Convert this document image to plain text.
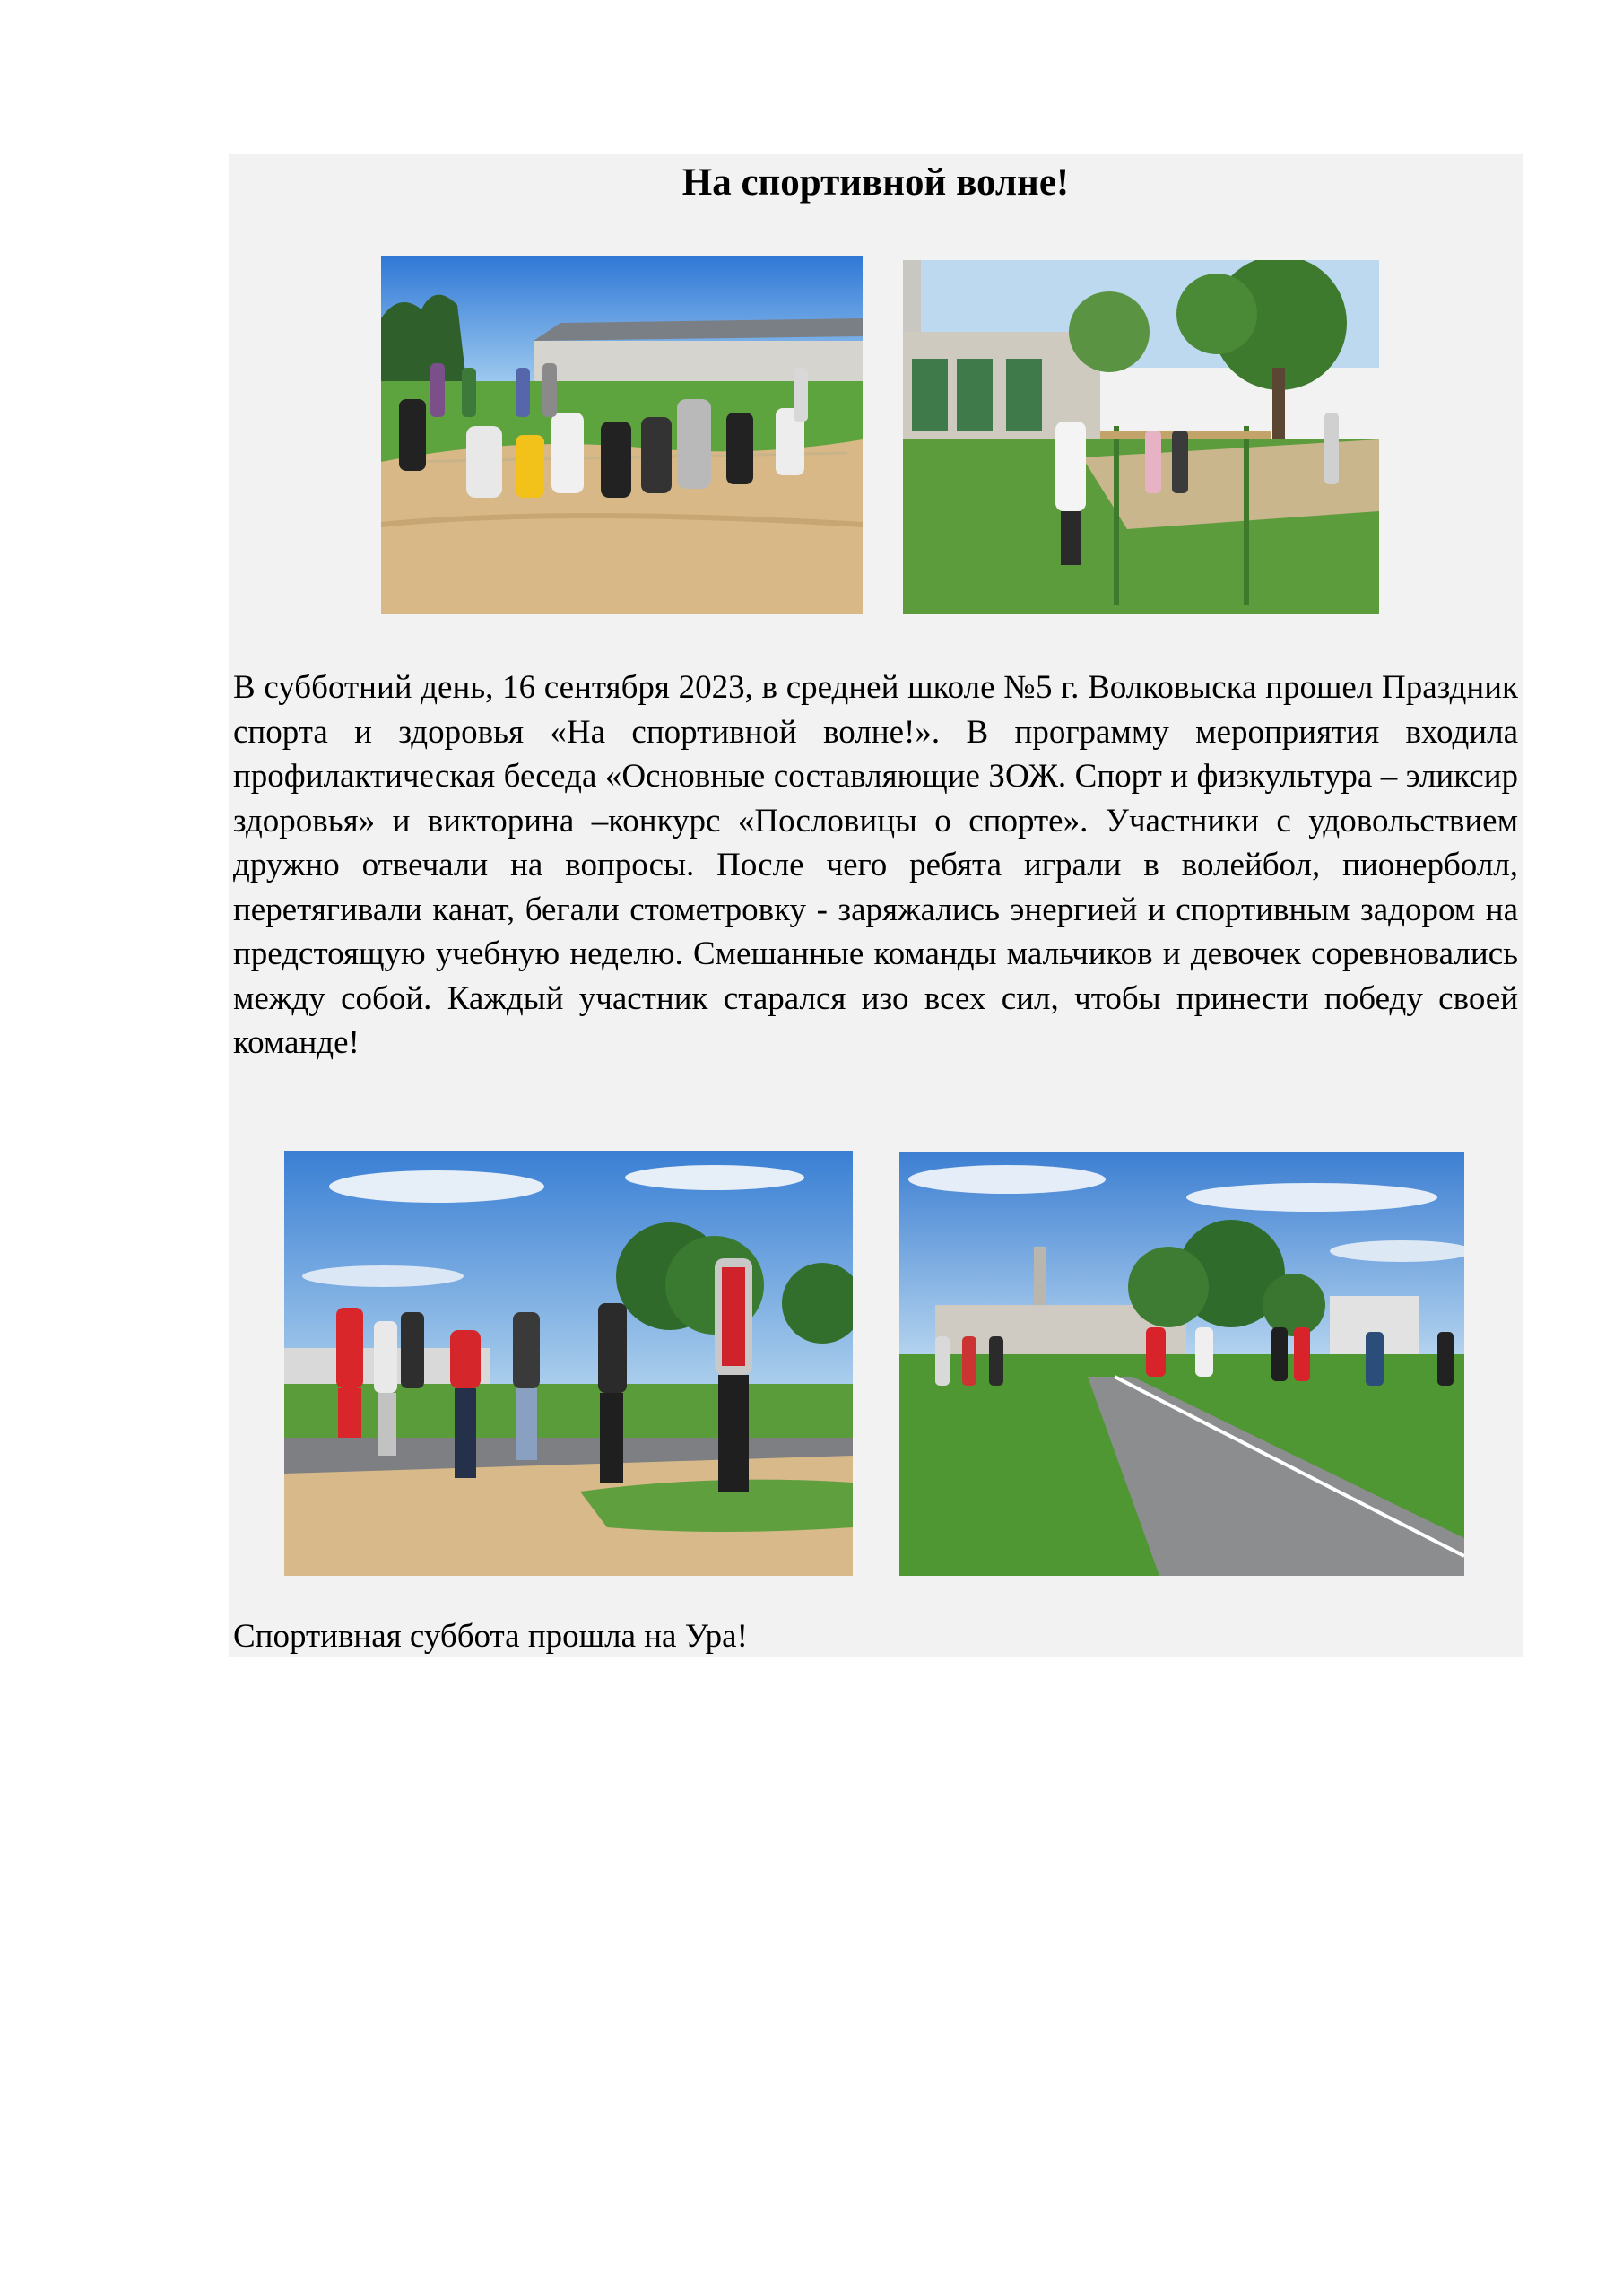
На спортивной волне!

В субботний день, 16 сентября 2023, в средней школе №5 г. Волковыска прошел Праздник спорта и здоровья «На спортивной волне!». В программу мероприятия входила профилактическая беседа «Основные составляющие ЗОЖ. Спорт и физкультура – эликсир здоровья» и викторина –конкурс «Пословицы о спорте». Участники с удовольствием дружно отвечали на вопросы. После чего ребята играли в волейбол, пионерболл, перетягивали канат, бегали стометровку - заряжались энергией и спортивным задором на предстоящую учебную неделю. Смешанные команды мальчиков и девочек соревновались между собой. Каждый участник старался изо всех сил, чтобы принести победу своей команде!

Спортивная суббота прошла на Ура!
